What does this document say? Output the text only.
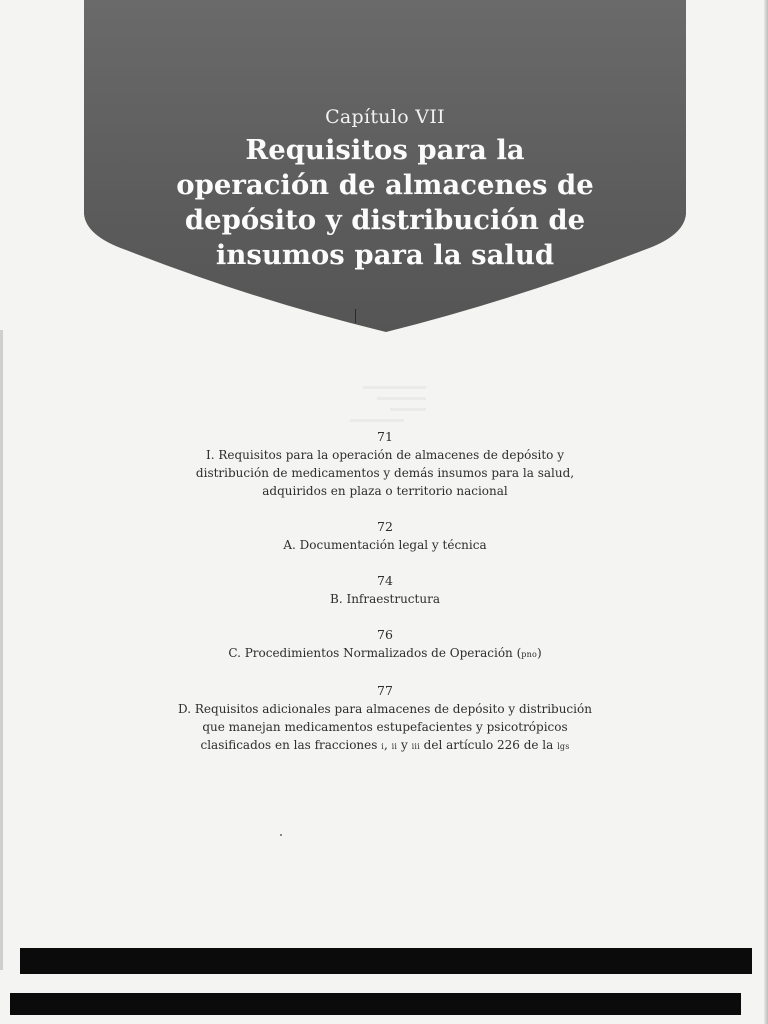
Capítulo VII
Requisitos para la
operación de almacenes de
depósito y distribución de
insumos para la salud
71
I. Requisitos para la operación de almacenes de depósito y
distribución de medicamentos y demás insumos para la salud,
adquiridos en plaza o territorio nacional
72
A. Documentación legal y técnica
74
B. Infraestructura
76
C. Procedimientos Normalizados de Operación (pno)
77
D. Requisitos adicionales para almacenes de depósito y distribución
que manejan medicamentos estupefacientes y psicotrópicos
clasificados en las fracciones i, ii y iii del artículo 226 de la lgs
